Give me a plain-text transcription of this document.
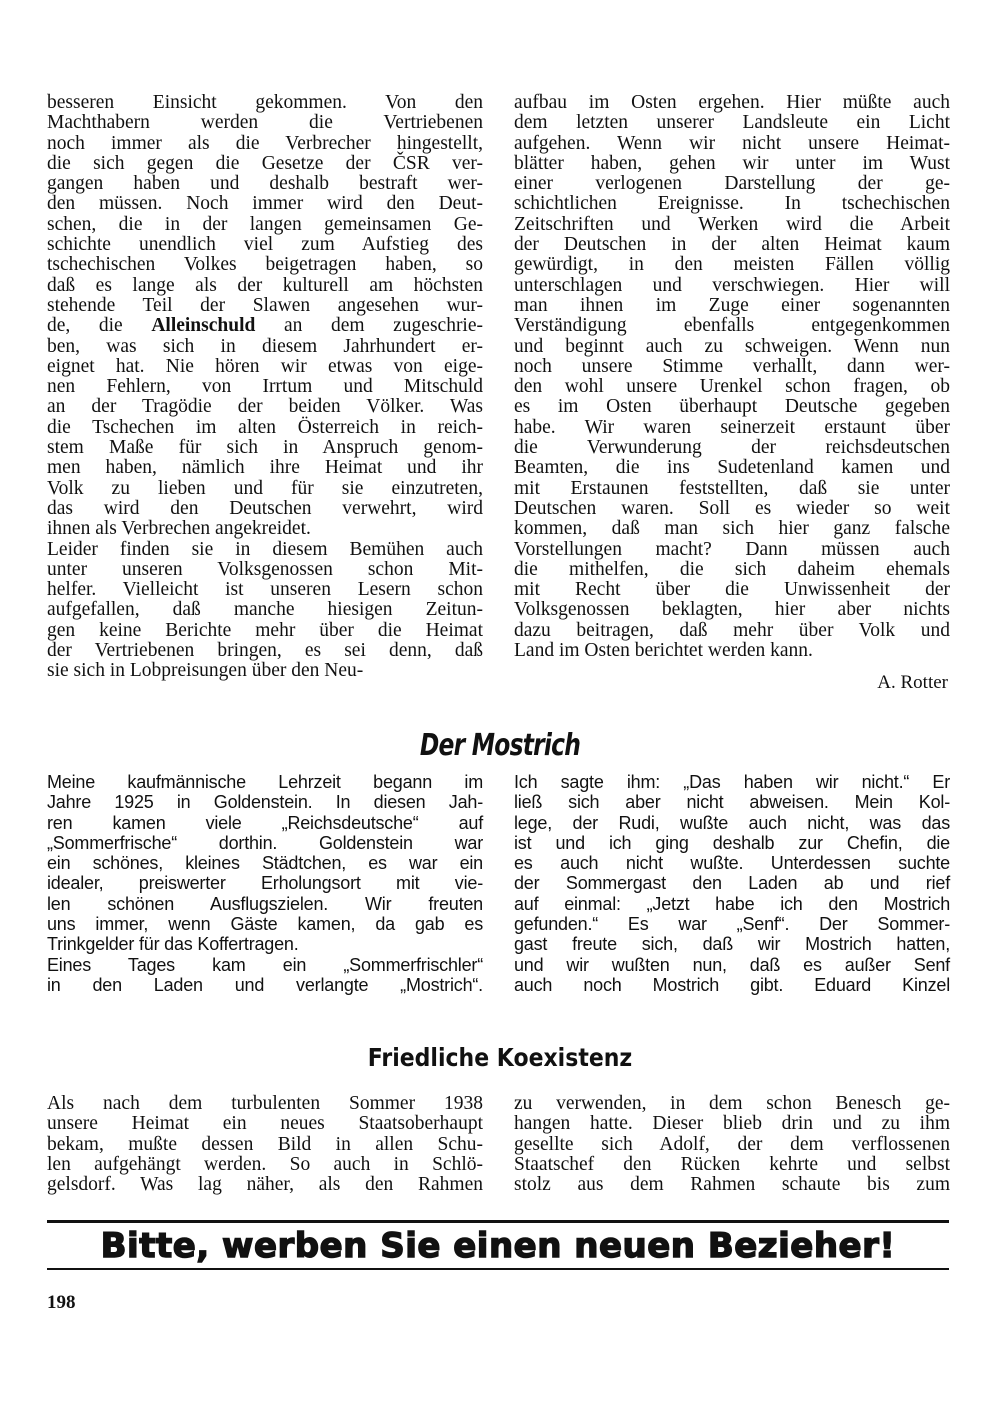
besseren Einsicht gekommen. Von den
Machthabern werden die Vertriebenen
noch immer als die Verbrecher hingestellt,
die sich gegen die Gesetze der ČSR ver-
gangen haben und deshalb bestraft wer-
den müssen. Noch immer wird den Deut-
schen, die in der langen gemeinsamen Ge-
schichte unendlich viel zum Aufstieg des
tschechischen Volkes beigetragen haben, so
daß es lange als der kulturell am höchsten
stehende Teil der Slawen angesehen wur-
de, die Alleinschuld an dem zugeschrie-
ben, was sich in diesem Jahrhundert er-
eignet hat. Nie hören wir etwas von eige-
nen Fehlern, von Irrtum und Mitschuld
an der Tragödie der beiden Völker. Was
die Tschechen im alten Österreich in reich-
stem Maße für sich in Anspruch genom-
men haben, nämlich ihre Heimat und ihr
Volk zu lieben und für sie einzutreten,
das wird den Deutschen verwehrt, wird
ihnen als Verbrechen angekreidet.
Leider finden sie in diesem Bemühen auch
unter unseren Volksgenossen schon Mit-
helfer. Vielleicht ist unseren Lesern schon
aufgefallen, daß manche hiesigen Zeitun-
gen keine Berichte mehr über die Heimat
der Vertriebenen bringen, es sei denn, daß
sie sich in Lobpreisungen über den Neu-
aufbau im Osten ergehen. Hier müßte auch
dem letzten unserer Landsleute ein Licht
aufgehen. Wenn wir nicht unsere Heimat-
blätter haben, gehen wir unter im Wust
einer verlogenen Darstellung der ge-
schichtlichen Ereignisse. In tschechischen
Zeitschriften und Werken wird die Arbeit
der Deutschen in der alten Heimat kaum
gewürdigt, in den meisten Fällen völlig
unterschlagen und verschwiegen. Hier will
man ihnen im Zuge einer sogenannten
Verständigung ebenfalls entgegenkommen
und beginnt auch zu schweigen. Wenn nun
noch unsere Stimme verhallt, dann wer-
den wohl unsere Urenkel schon fragen, ob
es im Osten überhaupt Deutsche gegeben
habe. Wir waren seinerzeit erstaunt über
die Verwunderung der reichsdeutschen
Beamten, die ins Sudetenland kamen und
mit Erstaunen feststellten, daß sie unter
Deutschen waren. Soll es wieder so weit
kommen, daß man sich hier ganz falsche
Vorstellungen macht? Dann müssen auch
die mithelfen, die sich daheim ehemals
mit Recht über die Unwissenheit der
Volksgenossen beklagten, hier aber nichts
dazu beitragen, daß mehr über Volk und
Land im Osten berichtet werden kann.
A. Rotter
Der Mostrich
Meine kaufmännische Lehrzeit begann im
Jahre 1925 in Goldenstein. In diesen Jah-
ren kamen viele „Reichsdeutsche“ auf
„Sommerfrische“ dorthin. Goldenstein war
ein schönes, kleines Städtchen, es war ein
idealer, preiswerter Erholungsort mit vie-
len schönen Ausflugszielen. Wir freuten
uns immer, wenn Gäste kamen, da gab es
Trinkgelder für das Koffertragen.
Eines Tages kam ein „Sommerfrischler“
in den Laden und verlangte „Mostrich“.
Ich sagte ihm: „Das haben wir nicht.“ Er
ließ sich aber nicht abweisen. Mein Kol-
lege, der Rudi, wußte auch nicht, was das
ist und ich ging deshalb zur Chefin, die
es auch nicht wußte. Unterdessen suchte
der Sommergast den Laden ab und rief
auf einmal: „Jetzt habe ich den Mostrich
gefunden.“ Es war „Senf“. Der Sommer-
gast freute sich, daß wir Mostrich hatten,
und wir wußten nun, daß es außer Senf
auch noch Mostrich gibt. Eduard Kinzel
Friedliche Koexistenz
Als nach dem turbulenten Sommer 1938
unsere Heimat ein neues Staatsoberhaupt
bekam, mußte dessen Bild in allen Schu-
len aufgehängt werden. So auch in Schlö-
gelsdorf. Was lag näher, als den Rahmen
zu verwenden, in dem schon Benesch ge-
hangen hatte. Dieser blieb drin und zu ihm
gesellte sich Adolf, der dem verflossenen
Staatschef den Rücken kehrte und selbst
stolz aus dem Rahmen schaute bis zum
Bitte, werben Sie einen neuen Bezieher!
198
